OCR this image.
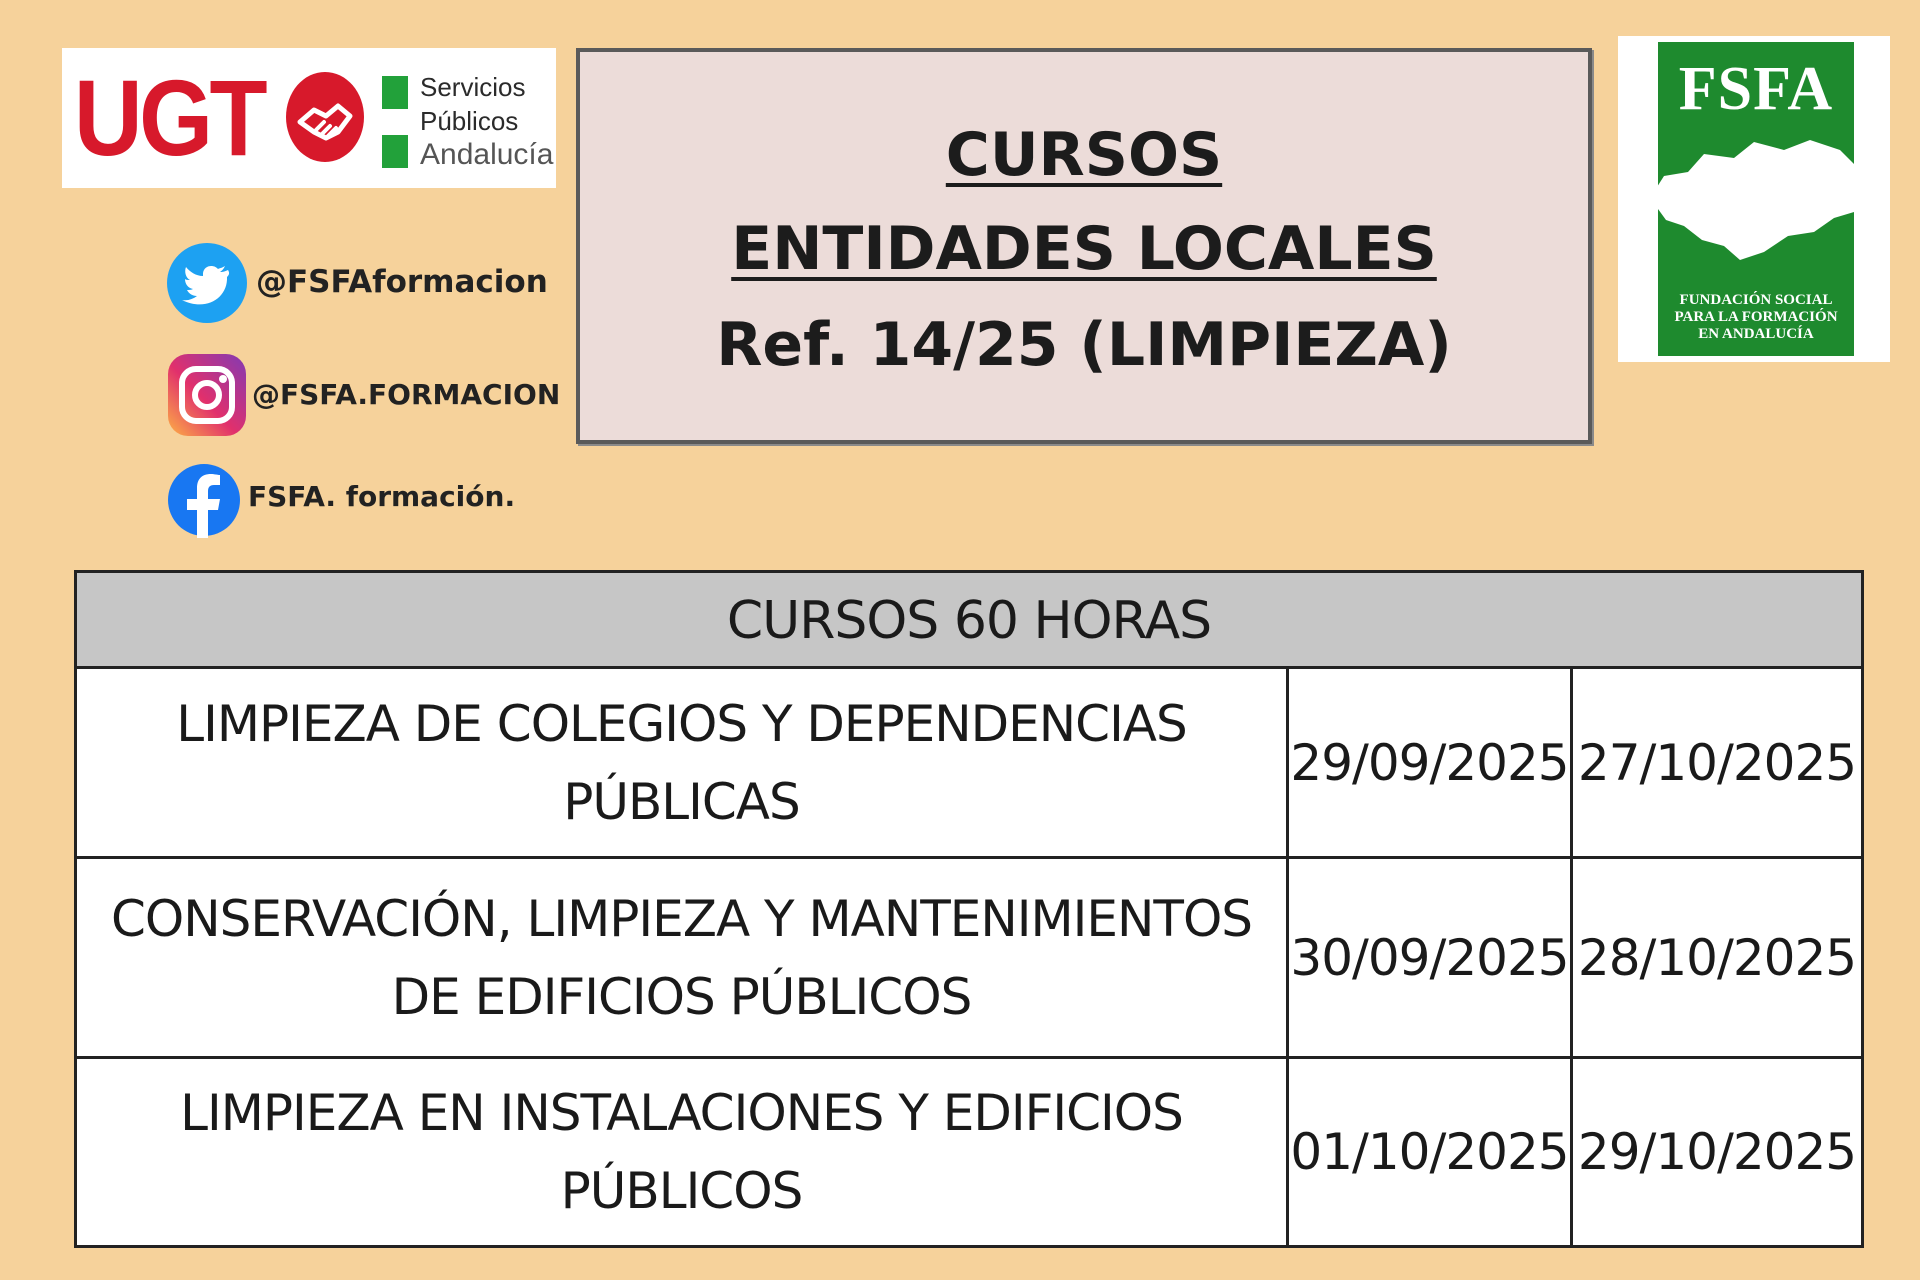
UGT	Servicios
Públicos
Andalucía	CURSOS
ENTIDADES LOCALES
Ref. 14/25 (LIMPIEZA)
FSFA
FUNDACIÓN SOCIAL
PARA LA FORMACIÓN
EN ANDALUCÍA
@FSFAformacion
@FSFA.FORMACION
FSFA. formación.
CURSOS 60 HORAS
LIMPIEZA DE COLEGIOS Y DEPENDENCIAS
PÚBLICAS
29/09/2025 27/10/2025
CONSERVACIÓN, LIMPIEZA Y MANTENIMIENTOS
DE EDIFICIOS PÚBLICOS
30/09/2025 28/10/2025
LIMPIEZA EN INSTALACIONES Y EDIFICIOS
PÚBLICOS
01/10/2025 29/10/2025
